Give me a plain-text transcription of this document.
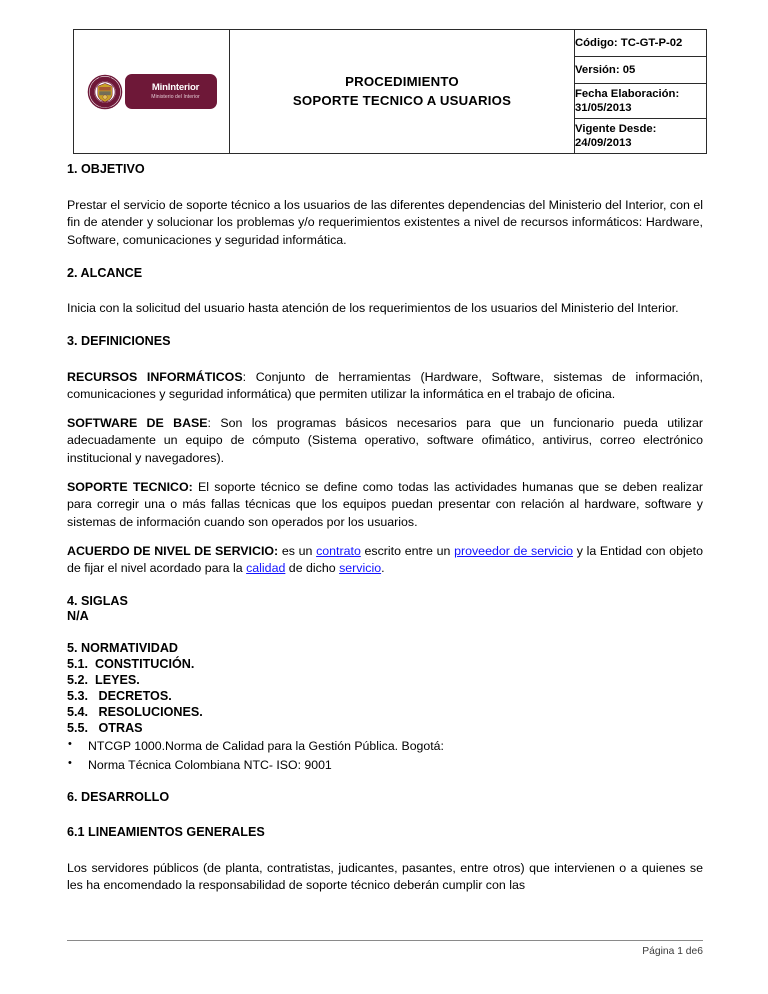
REPUBLICA
DE COLOMBIA
MinInterior
Ministerio del Interior

PROCEDIMIENTO
SOPORTE TECNICO A USUARIOS
	Código: TC-GT-P-02
Versión: 05

Fecha Elaboración:
31/05/2013

Vigente Desde:
24/09/2013
1. OBJETIVO

Prestar el servicio de soporte técnico a los usuarios de las diferentes dependencias del Ministerio del Interior, con el fin de atender y solucionar los problemas y/o requerimientos existentes a nivel de recursos informáticos: Hardware, Software, comunicaciones y seguridad informática.

2. ALCANCE

Inicia con la solicitud del usuario hasta atención de los requerimientos de los usuarios del Ministerio del Interior.

3. DEFINICIONES

RECURSOS INFORMÁTICOS: Conjunto de herramientas (Hardware, Software, sistemas de información, comunicaciones y seguridad informática) que permiten utilizar la informática en el trabajo de oficina.

SOFTWARE DE BASE: Son los programas básicos necesarios para que un funcionario pueda utilizar adecuadamente un equipo de cómputo (Sistema operativo, software ofimático, antivirus, correo electrónico institucional y navegadores).

SOPORTE TECNICO: El soporte técnico se define como todas las actividades humanas que se deben realizar para corregir una o más fallas técnicas que los equipos puedan presentar con relación al hardware, software y sistemas de información cuando son operados por los usuarios.

ACUERDO DE NIVEL DE SERVICIO: es un contrato escrito entre un proveedor de servicio y la Entidad con objeto de fijar el nivel acordado para la calidad de dicho servicio.

4. SIGLAS
N/A
5. NORMATIVIDAD
5.1.  CONSTITUCIÓN.
5.2.  LEYES.
5.3.   DECRETOS.
5.4.   RESOLUCIONES.
5.5.   OTRAS
• NTCGP 1000.Norma de Calidad para la Gestión Pública. Bogotá:
• Norma Técnica Colombiana NTC- ISO: 9001
6. DESARROLLO
6.1 LINEAMIENTOS GENERALES

Los servidores públicos (de planta, contratistas, judicantes, pasantes, entre otros) que intervienen o a quienes se les ha encomendado la responsabilidad de soporte técnico deberán cumplir con las

Página 1 de6
